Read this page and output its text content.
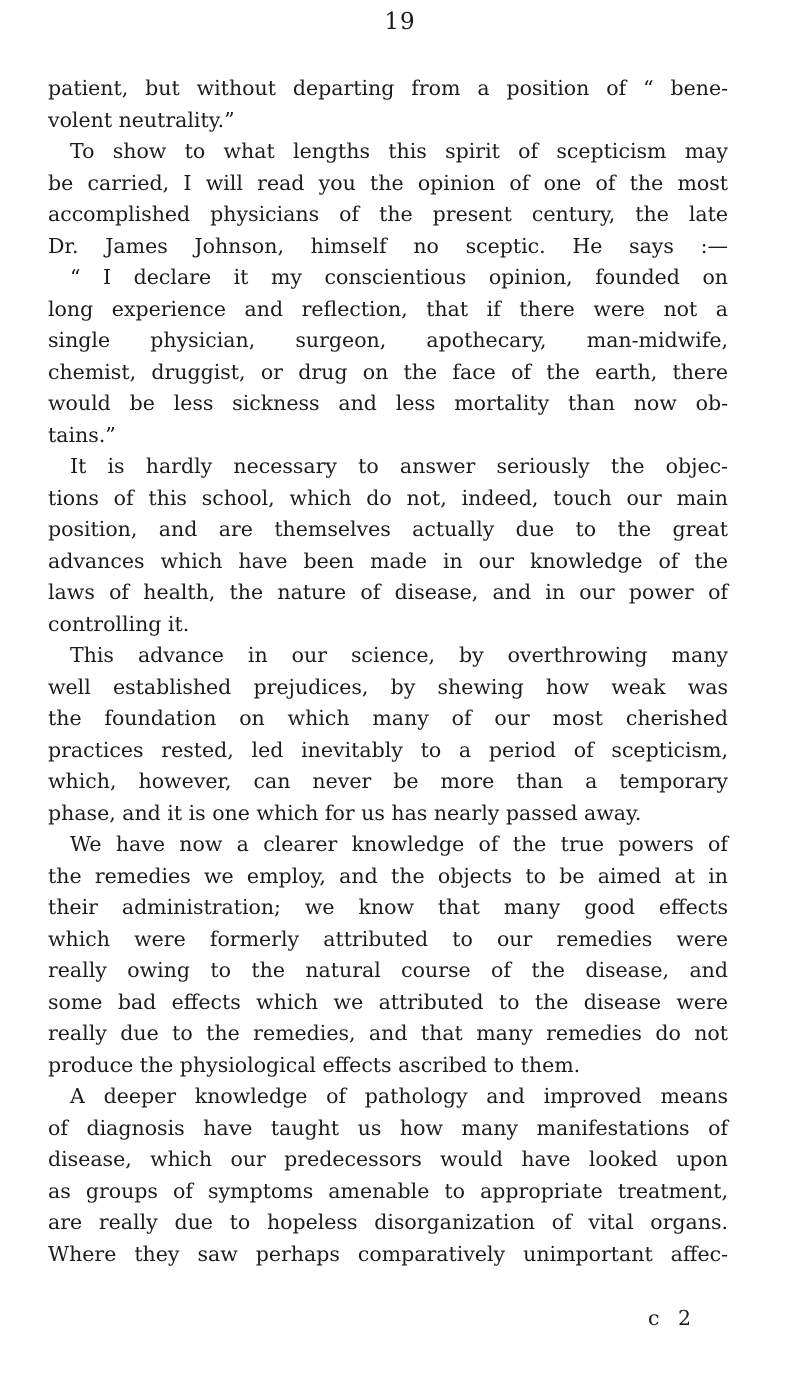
19
patient, but without departing from a position of “ bene-
volent neutrality.”
To show to what lengths this spirit of scepticism may
be carried, I will read you the opinion of one of the most
accomplished physicians of the present century, the late
Dr. James Johnson, himself no sceptic. He says :—
“ I declare it my conscientious opinion, founded on
long experience and reflection, that if there were not a
single physician, surgeon, apothecary, man-midwife,
chemist, druggist, or drug on the face of the earth, there
would be less sickness and less mortality than now ob-
tains.”
It is hardly necessary to answer seriously the objec-
tions of this school, which do not, indeed, touch our main
position, and are themselves actually due to the great
advances which have been made in our knowledge of the
laws of health, the nature of disease, and in our power of
controlling it.
This advance in our science, by overthrowing many
well established prejudices, by shewing how weak was
the foundation on which many of our most cherished
practices rested, led inevitably to a period of scepticism,
which, however, can never be more than a temporary
phase, and it is one which for us has nearly passed away.
We have now a clearer knowledge of the true powers of
the remedies we employ, and the objects to be aimed at in
their administration; we know that many good effects
which were formerly attributed to our remedies were
really owing to the natural course of the disease, and
some bad effects which we attributed to the disease were
really due to the remedies, and that many remedies do not
produce the physiological effects ascribed to them.
A deeper knowledge of pathology and improved means
of diagnosis have taught us how many manifestations of
disease, which our predecessors would have looked upon
as groups of symptoms amenable to appropriate treatment,
are really due to hopeless disorganization of vital organs.
Where they saw perhaps comparatively unimportant affec-
c 2
